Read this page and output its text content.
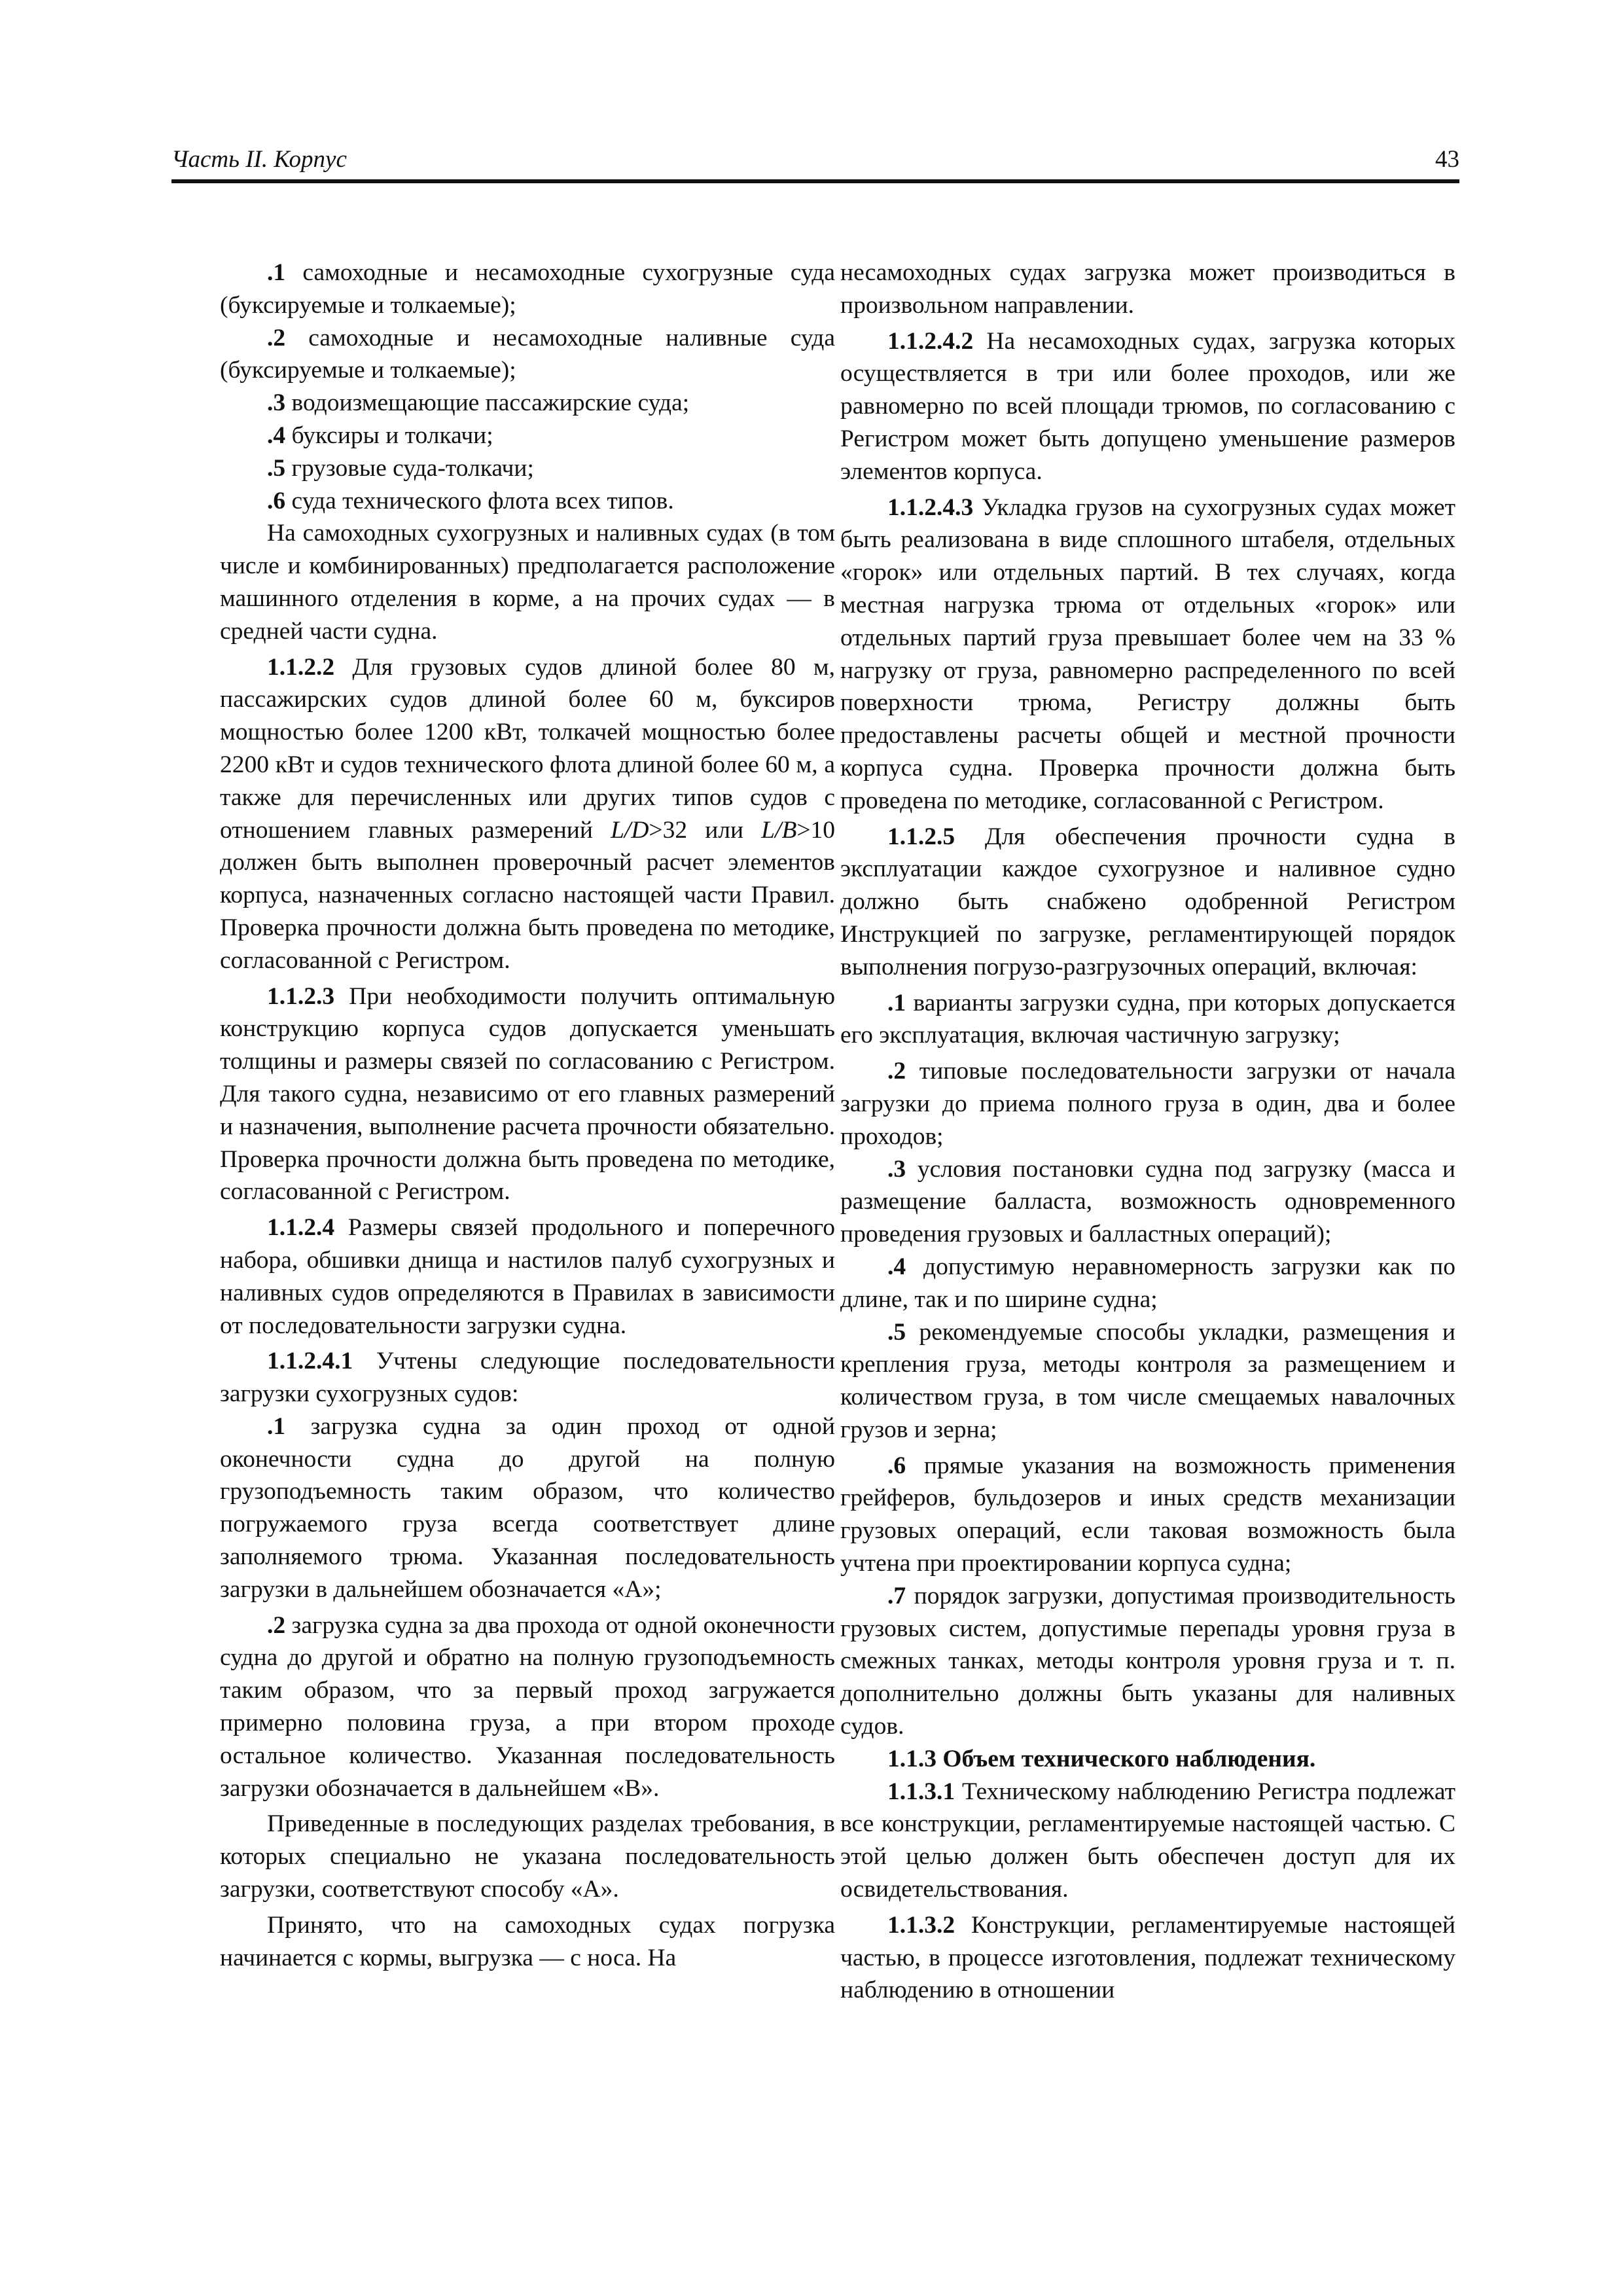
Часть II. Корпус	43

.1 самоходные и несамоходные сухогрузные суда (буксируемые и толкаемые);

.2 самоходные и несамоходные наливные суда (буксируемые и толкаемые);

.3 водоизмещающие пассажирские суда;

.4 буксиры и толкачи;

.5 грузовые суда-толкачи;

.6 суда технического флота всех типов.

На самоходных сухогрузных и наливных судах (в том числе и комбинированных) предполагается расположение машинного отделения в корме, а на прочих судах — в средней части судна.

1.1.2.2 Для грузовых судов длиной более 80 м, пассажирских судов длиной более 60 м, буксиров мощностью более 1200 кВт, толкачей мощностью более 2200 кВт и судов технического флота длиной более 60 м, а также для перечисленных или других типов судов с отношением главных размерений L/D>32 или L/B>10 должен быть выполнен проверочный расчет элементов корпуса, назначенных согласно настоящей части Правил. Проверка прочности должна быть проведена по методике, согласованной с Регистром.

1.1.2.3 При необходимости получить оптимальную конструкцию корпуса судов допускается уменьшать толщины и размеры связей по согласованию с Регистром. Для такого судна, независимо от его главных размерений и назначения, выполнение расчета прочности обязательно. Проверка прочности должна быть проведена по методике, согласованной с Регистром.

1.1.2.4 Размеры связей продольного и поперечного набора, обшивки днища и настилов палуб сухогрузных и наливных судов определяются в Правилах в зависимости от последовательности загрузки судна.

1.1.2.4.1 Учтены следующие последовательности загрузки сухогрузных судов:

.1 загрузка судна за один проход от одной оконечности судна до другой на полную грузоподъемность таким образом, что количество погружаемого груза всегда соответствует длине заполняемого трюма. Указанная последовательность загрузки в дальнейшем обозначается «A»;

.2 загрузка судна за два прохода от одной оконечности судна до другой и обратно на полную грузоподъемность таким образом, что за первый проход загружается примерно половина груза, а при втором проходе остальное количество. Указанная последовательность загрузки обозначается в дальнейшем «B».

Приведенные в последующих разделах требования, в которых специально не указана последовательность загрузки, соответствуют способу «A».

Принято, что на самоходных судах погрузка начинается с кормы, выгрузка — с носа. На

несамоходных судах загрузка может производиться в произвольном направлении.

1.1.2.4.2 На несамоходных судах, загрузка которых осуществляется в три или более проходов, или же равномерно по всей площади трюмов, по согласованию с Регистром может быть допущено уменьшение размеров элементов корпуса.

1.1.2.4.3 Укладка грузов на сухогрузных судах может быть реализована в виде сплошного штабеля, отдельных «горок» или отдельных партий. В тех случаях, когда местная нагрузка трюма от отдельных «горок» или отдельных партий груза превышает более чем на 33 % нагрузку от груза, равномерно распределенного по всей поверхности трюма, Регистру должны быть предоставлены расчеты общей и местной прочности корпуса судна. Проверка прочности должна быть проведена по методике, согласованной с Регистром.

1.1.2.5 Для обеспечения прочности судна в эксплуатации каждое сухогрузное и наливное судно должно быть снабжено одобренной Регистром Инструкцией по загрузке, регламентирующей порядок выполнения погрузо-разгрузочных операций, включая:

.1 варианты загрузки судна, при которых допускается его эксплуатация, включая частичную загрузку;

.2 типовые последовательности загрузки от начала загрузки до приема полного груза в один, два и более проходов;

.3 условия постановки судна под загрузку (масса и размещение балласта, возможность одновременного проведения грузовых и балластных операций);

.4 допустимую неравномерность загрузки как по длине, так и по ширине судна;

.5 рекомендуемые способы укладки, размещения и крепления груза, методы контроля за размещением и количеством груза, в том числе смещаемых навалочных грузов и зерна;

.6 прямые указания на возможность применения грейферов, бульдозеров и иных средств механизации грузовых операций, если таковая возможность была учтена при проектировании корпуса судна;

.7 порядок загрузки, допустимая производительность грузовых систем, допустимые перепады уровня груза в смежных танках, методы контроля уровня груза и т. п. дополнительно должны быть указаны для наливных судов.

1.1.3 Объем технического наблюдения.

1.1.3.1 Техническому наблюдению Регистра подлежат все конструкции, регламентируемые настоящей частью. С этой целью должен быть обеспечен доступ для их освидетельствования.

1.1.3.2 Конструкции, регламентируемые настоящей частью, в процессе изготовления, подлежат техническому наблюдению в отношении
